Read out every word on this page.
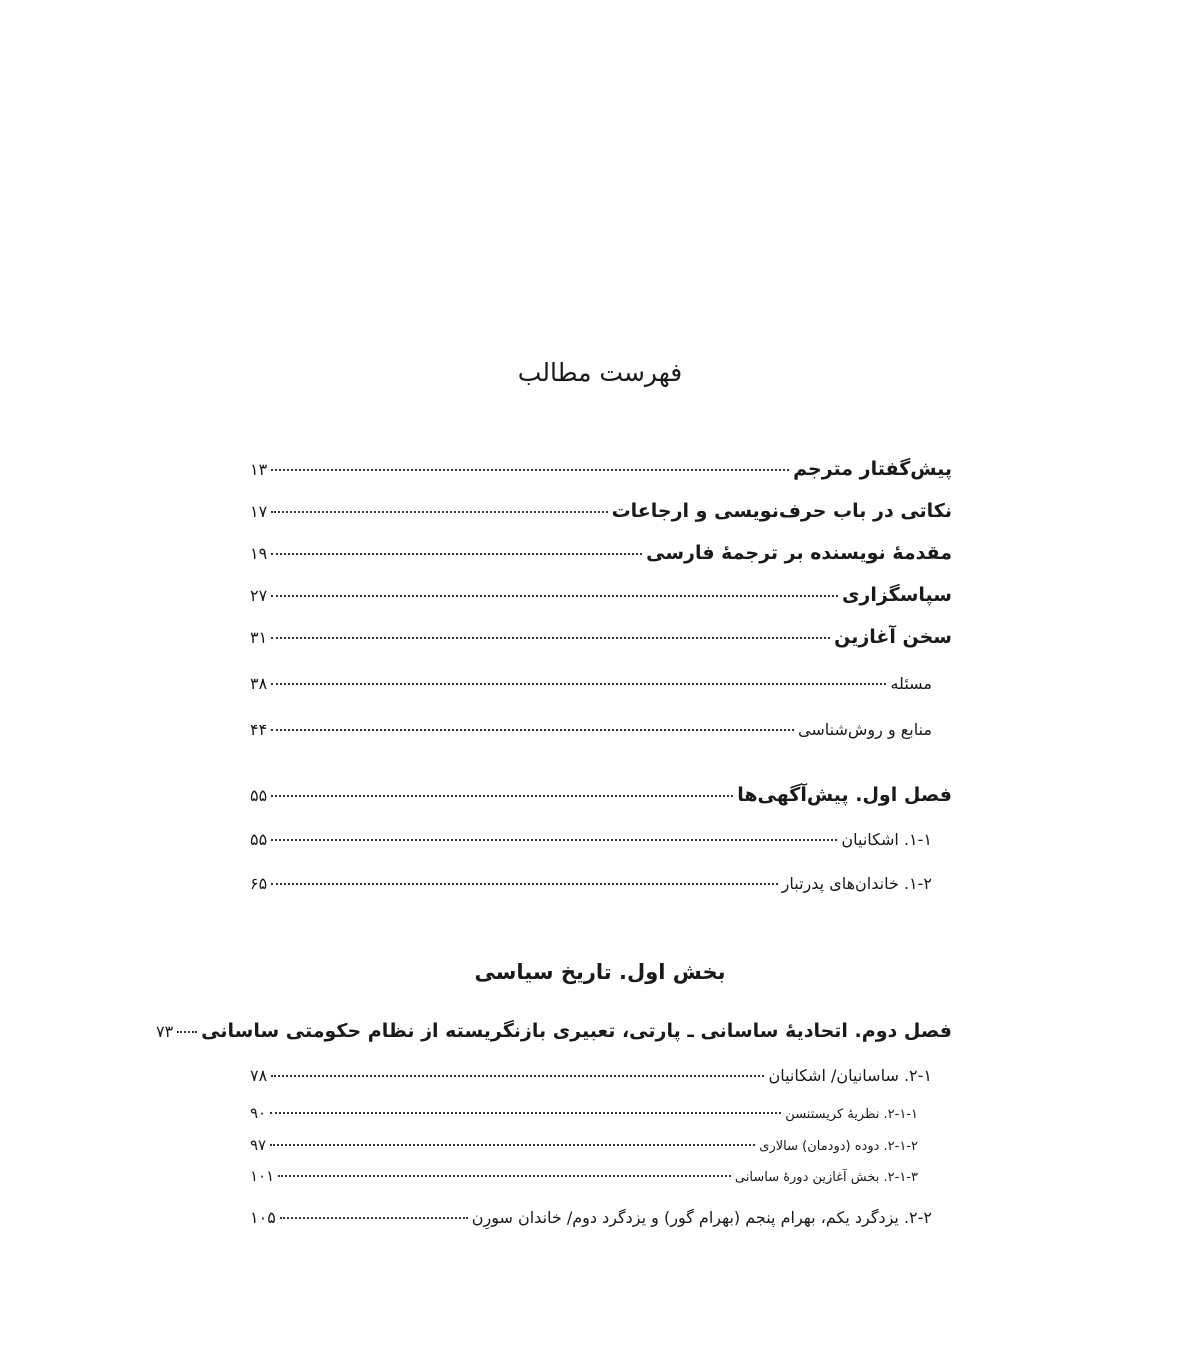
فهرست مطالب
پیش‌گفتار مترجم
۱۳
نکاتی در باب حرف‌نویسی و ارجاعات
۱۷
مقدمهٔ نویسنده بر ترجمهٔ فارسی
۱۹
سپاسگزاری
۲۷
سخن آغازین
۳۱
مسئله
۳۸
منابع و روش‌شناسی
۴۴
فصل اول. پیش‌آگهی‌ها
۵۵
۱-۱. اشکانیان
۵۵
۱-۲. خاندان‌های پدرتبار
۶۵
بخش اول. تاریخ سیاسی
فصل دوم. اتحادیهٔ ساسانی ـ پارتی، تعبیری بازنگریسته از نظام حکومتی ساسانی
۷۳
۲-۱. ساسانیان/ اشکانیان
۷۸
۲-۱-۱. نظریهٔ کریستنسن
۹۰
۲-۱-۲. دوده (دودمان) سالاری
۹۷
۲-۱-۳. بخش آغازین دورهٔ ساسانی
۱۰۱
۲-۲. یزدگرد یکم، بهرام پنجم (بهرام گور) و یزدگرد دوم/ خاندان سورِن
۱۰۵
